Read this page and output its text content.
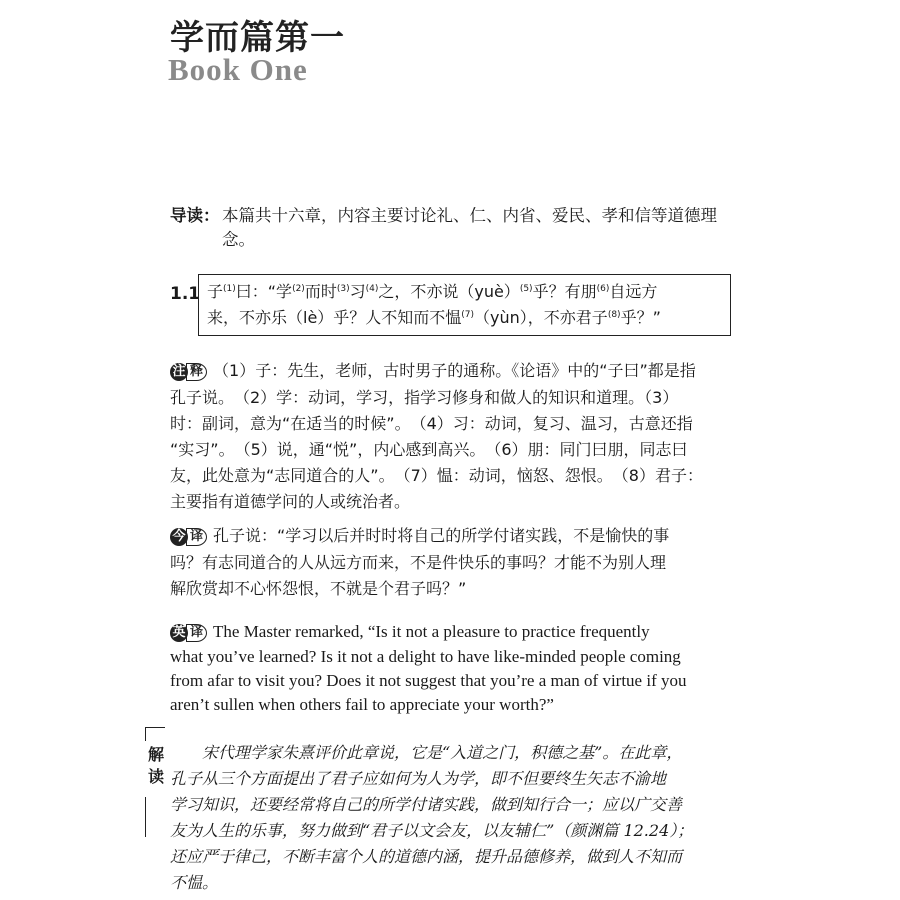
学而篇第一
Book One
导读： 本篇共十六章，内容主要讨论礼、仁、内省、爱民、孝和信等道德理念。
1.1 子$^{(1)}$曰：“学$^{(2)}$而时$^{(3)}$习$^{(4)}$之，不亦说（yuè）$^{(5)}$乎？有朋$^{(6)}$自远方

来，不亦乐（lè）乎？人不知而不愠$^{(7)}$（yùn），不亦君子$^{(8)}$乎？”

注 释 （1）子：先生，老师，古时男子的通称。《论语》中的“子曰”都是指

孔子说。　（2）学：动词，学习，指学习修身和做人的知识和道理。（3）

时：副词，意为“在适当的时候”。　（4）习：动词，复习、温习，古意还指

“实习”。　（5）说，通“悦”，内心感到高兴。　（6）朋：同门曰朋，同志曰

友，此处意为“志同道合的人”。　（7）愠：动词，恼怒、怨恨。　（8）君子：

主要指有道德学问的人或统治者。

今 译 孔子说：“学习以后并时时将自己的所学付诸实践，不是愉快的事

吗？有志同道合的人从远方而来，不是件快乐的事吗？才能不为别人理

解欣赏却不心怀怨恨，不就是个君子吗？”

英 译 The Master remarked, “Is it not a pleasure to practice frequently

what you’ve learned? Is it not a delight to have like-minded people coming

from afar to visit you? Does it not suggest that you’re a man of virtue if you

aren’t sullen when others fail to appreciate your worth?”

解
读

宋代理学家朱熹评价此章说，它是“入道之门，积德之基”。在此章，

孔子从三个方面提出了君子应如何为人为学，即不但要终生矢志不渝地

学习知识，还要经常将自己的所学付诸实践，做到知行合一；应以广交善

友为人生的乐事，努力做到“君子以文会友，以友辅仁”（颜渊篇 12.24）；

还应严于律己，不断丰富个人的道德内涵，提升品德修养，做到人不知而

不愠。
